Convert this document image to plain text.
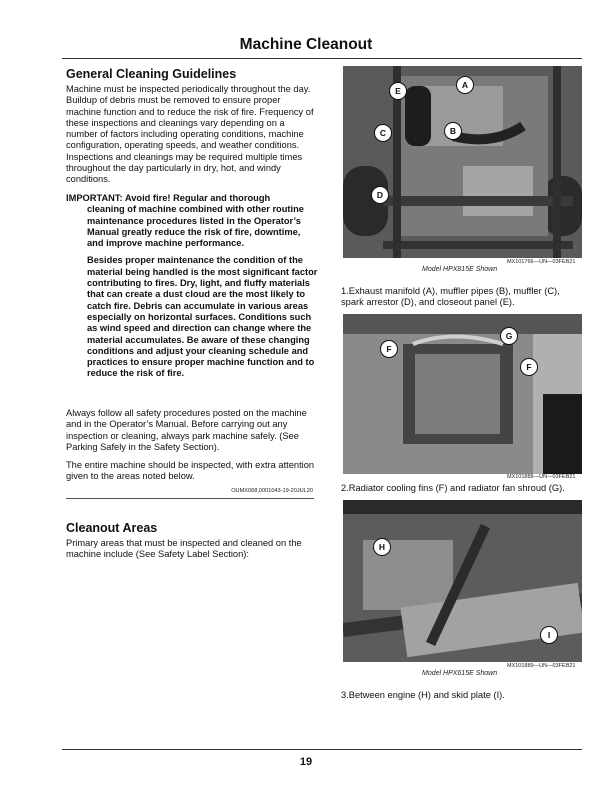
Machine Cleanout
General Cleaning Guidelines
Machine must be inspected periodically throughout the day. Buildup of debris must be removed to ensure proper machine function and to reduce the risk of fire. Frequency of these inspections and cleanings vary depending on a number of factors including operating conditions, machine configuration, operating speeds, and weather conditions. Inspections and cleanings may be required multiple times throughout the day particularly in dry, hot, and windy conditions.
IMPORTANT: Avoid fire! Regular and thorough
cleaning of machine combined with other routine maintenance procedures listed in the Operator’s Manual greatly reduce the risk of fire, downtime, and improve machine performance.
Besides proper maintenance the condition of the material being handled is the most significant factor contributing to fires. Dry, light, and fluffy materials that can create a dust cloud are the most likely to catch fire. Debris can accumulate in various areas especially on horizontal surfaces. Conditions such as wind speed and direction can change where the material accumulates. Be aware of these changing conditions and adjust your cleaning schedule and practices to ensure proper machine function and to reduce the risk of fire.
Always follow all safety procedures posted on the machine and in the Operator’s Manual. Before carrying out any inspection or cleaning, always park machine safely. (See Parking Safely in the Safety Section).
The entire machine should be inspected, with extra attention given to the areas noted below.
OUMX068,0001043-19-20JUL20
Cleanout Areas
Primary areas that must be inspected and cleaned on the machine include (See Safety Label Section):
MX101766—UN—03FEB21
Model HPX815E Shown
1.Exhaust manifold (A), muffler pipes (B), muffler (C), spark arrestor (D), and closeout panel (E).
MX101888—UN—03FEB21
2.Radiator cooling fins (F) and radiator fan shroud (G).
MX101889—UN—03FEB21
Model HPX615E Shown
3.Between engine (H) and skid plate (I).
E
A
C	B
D
F
G
F
H
I
19
